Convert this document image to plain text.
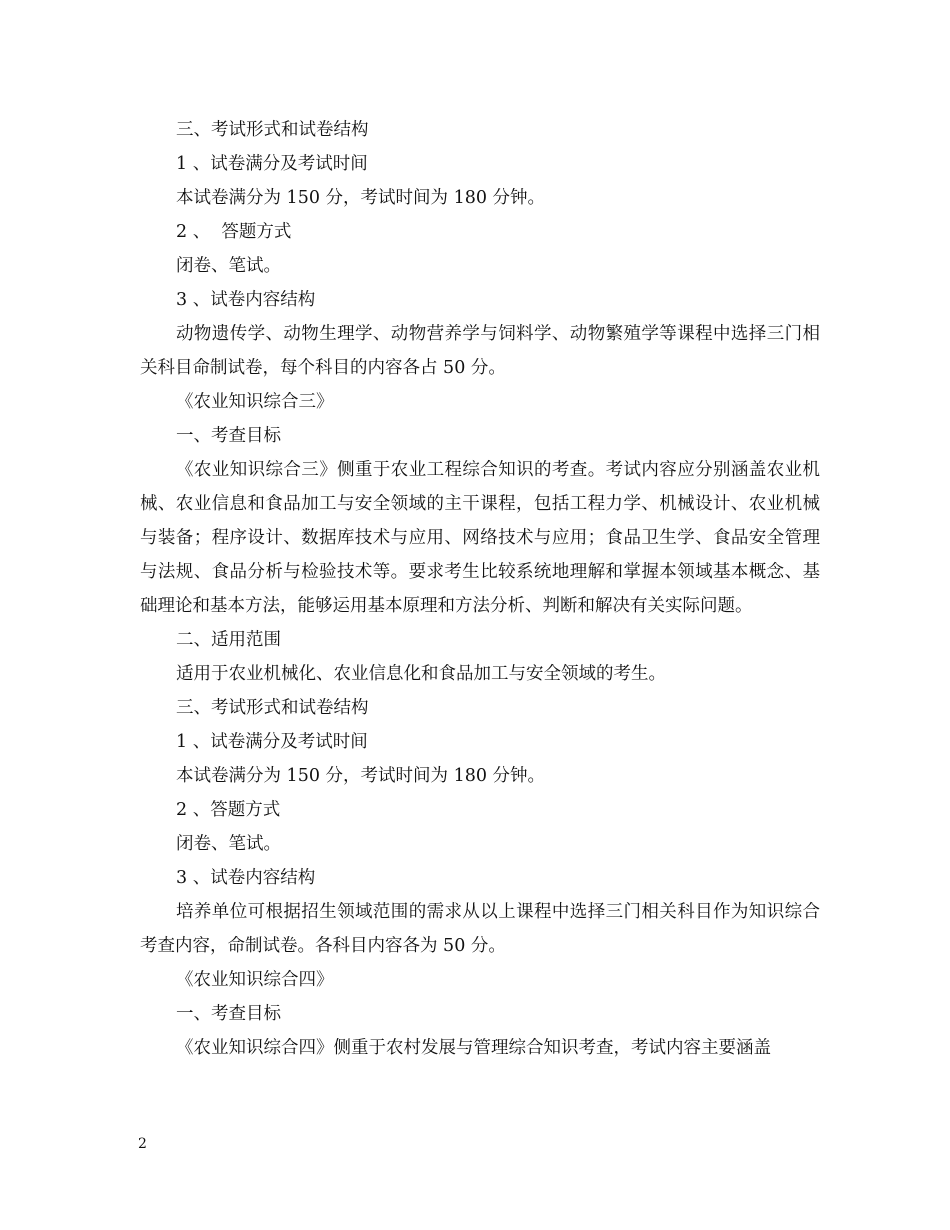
三、考试形式和试卷结构

1 、试卷满分及考试时间

本试卷满分为 150 分，考试时间为 180 分钟。

2 、  答题方式

闭卷、笔试。

3 、试卷内容结构

动物遗传学、动物生理学、动物营养学与饲料学、动物繁殖学等课程中选择三门相关科目命制试卷，每个科目的内容各占 50 分。

《农业知识综合三》

一、考查目标

《农业知识综合三》侧重于农业工程综合知识的考查。考试内容应分别涵盖农业机械、农业信息和食品加工与安全领域的主干课程，包括工程力学、机械设计、农业机械与装备；程序设计、数据库技术与应用、网络技术与应用；食品卫生学、食品安全管理与法规、食品分析与检验技术等。要求考生比较系统地理解和掌握本领域基本概念、基础理论和基本方法，能够运用基本原理和方法分析、判断和解决有关实际问题。

二、适用范围

适用于农业机械化、农业信息化和食品加工与安全领域的考生。

三、考试形式和试卷结构

1 、试卷满分及考试时间

本试卷满分为 150 分，考试时间为 180 分钟。

2 、答题方式

闭卷、笔试。

3 、试卷内容结构

培养单位可根据招生领域范围的需求从以上课程中选择三门相关科目作为知识综合考查内容，命制试卷。各科目内容各为 50 分。

《农业知识综合四》

一、考查目标

《农业知识综合四》侧重于农村发展与管理综合知识考查，考试内容主要涵盖

2
